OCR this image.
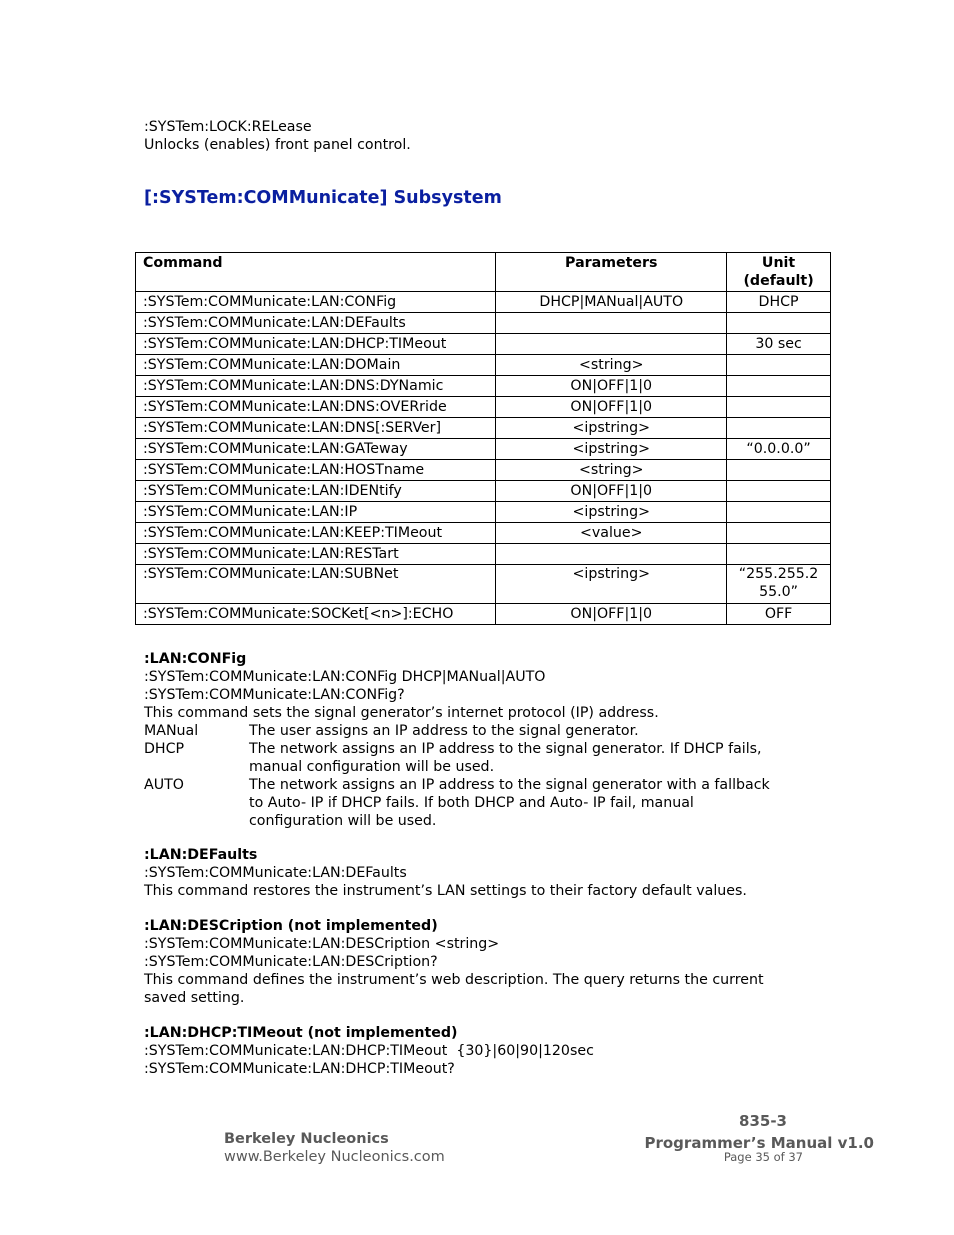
:SYSTem:LOCK:RELease
Unlocks (enables) front panel control.
[:SYSTem:COMMunicate] Subsystem
Command	Parameters	Unit
(default)

:SYSTem:COMMunicate:LAN:CONFig	DHCP|MANual|AUTO	DHCP
:SYSTem:COMMunicate:LAN:DEFaults		
:SYSTem:COMMunicate:LAN:DHCP:TIMeout		30 sec
:SYSTem:COMMunicate:LAN:DOMain	<string>	
:SYSTem:COMMunicate:LAN:DNS:DYNamic	ON|OFF|1|0	
:SYSTem:COMMunicate:LAN:DNS:OVERride	ON|OFF|1|0	
:SYSTem:COMMunicate:LAN:DNS[:SERVer]	<ipstring>	
:SYSTem:COMMunicate:LAN:GATeway	<ipstring>	“0.0.0.0”
:SYSTem:COMMunicate:LAN:HOSTname	<string>	
:SYSTem:COMMunicate:LAN:IDENtify	ON|OFF|1|0	
:SYSTem:COMMunicate:LAN:IP	<ipstring>	
:SYSTem:COMMunicate:LAN:KEEP:TIMeout	<value>	
:SYSTem:COMMunicate:LAN:RESTart		
:SYSTem:COMMunicate:LAN:SUBNet	<ipstring>	“255.255.2
55.0”

:SYSTem:COMMunicate:SOCKet[<n>]:ECHO	ON|OFF|1|0	OFF
:LAN:CONFig
:SYSTem:COMMunicate:LAN:CONFig DHCP|MANual|AUTO
:SYSTem:COMMunicate:LAN:CONFig?
This command sets the signal generator’s internet protocol (IP) address.
MANual	The user assigns an IP address to the signal generator.
DHCP	The network assigns an IP address to the signal generator. If DHCP fails,
manual configuration will be used.
AUTO	The network assigns an IP address to the signal generator with a fallback
to Auto- IP if DHCP fails. If both DHCP and Auto- IP fail, manual
configuration will be used.
:LAN:DEFaults
:SYSTem:COMMunicate:LAN:DEFaults
This command restores the instrument’s LAN settings to their factory default values.
:LAN:DESCription (not implemented)
:SYSTem:COMMunicate:LAN:DESCription <string>
:SYSTem:COMMunicate:LAN:DESCription?
This command defines the instrument’s web description. The query returns the current
saved setting.
:LAN:DHCP:TIMeout (not implemented)
:SYSTem:COMMunicate:LAN:DHCP:TIMeout  {30}|60|90|120sec
:SYSTem:COMMunicate:LAN:DHCP:TIMeout?
Berkeley Nucleonics
www.Berkeley Nucleonics.com
835-3
Programmer’s Manual v1.0
Page 35 of 37
